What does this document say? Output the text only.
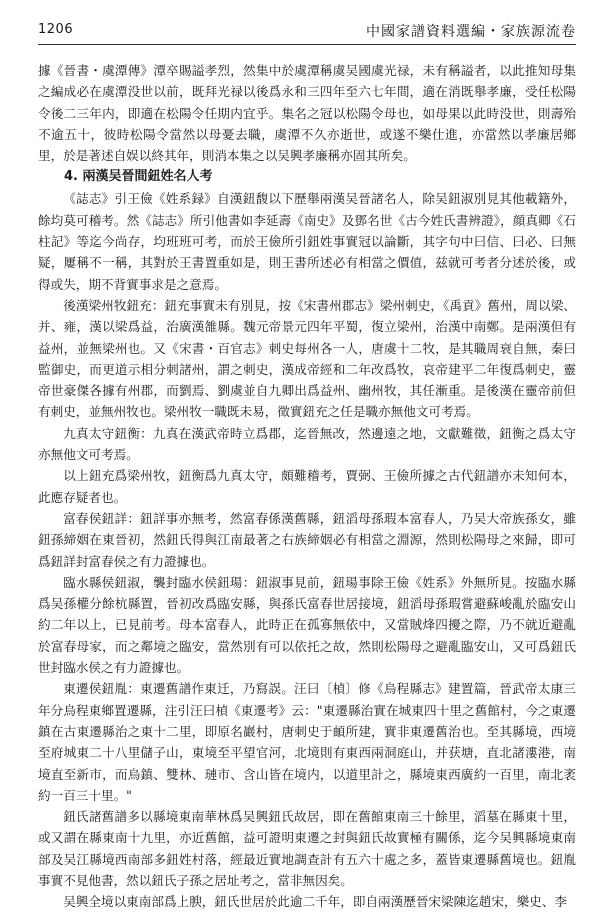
1206	中國家譜資料選編・家族源流卷

據《晉書・虞潭傳》潭卒賜謚孝烈，然集中於虞潭稱虞吴國虞光禄，未有稱謚者，以此推知母集之編成必在虞潭没世以前，既拜光禄以後爲永和三四年至六七年間，適在消既舉孝廉，受任松陽令後二三年内，即適在松陽令任期内宜乎。集名之冠以松陽令母也，如母果以此時没世，則壽殆不逾五十，彼時松陽令當然以母憂去職，虞潭不久亦逝世，或遂不樂仕進，亦當然以孝廉居鄉里，於是著述自娱以終其年，則消本集之以吴興孝廉稱亦固其所矣。

4. 兩漢吴晉間鈕姓名人考

《誌志》引王儉《姓系録》自漢鈕馥以下歷舉兩漢吴晉諸名人，除吴鈕淑別見其他載籍外，餘均莫可稽考。然《誌志》所引他書如李延壽《南史》及鄧名世《古今姓氏書辨證》，顔真卿《石柱記》等迄今尚存，均班班可考，而於王儉所引鈕姓事實冠以論斷，其字句中曰信、曰必、曰無疑，屢稱不一稱，其對於王書置重如是，則王書所述必有相當之價值，兹就可考者分述於後，或得或失，期不背實事求是之意焉。

後漢梁州牧鈕充：鈕充事實未有別見，按《宋書州郡志》梁州刺史，《禹貢》舊州，周以梁、并、雍，漢以梁爲益，治廣漢雒縣。魏元帝景元四年平蜀，復立梁州，治漢中南鄭。是兩漢但有益州，並無梁州也。又《宋書・百官志》刺史每州各一人，唐虞十二牧，是其職周衰自無，秦曰監御史，而更道示相分刺諸州，謂之刺史，漢成帝經和二年改爲牧，哀帝建平二年復爲刺史，靈帝世豪傑各據有州郡，而劉焉、劉虞並自九卿出爲益州、幽州牧，其任漸重。是後漢在靈帝前但有刺史，並無州牧也。梁州牧一職既未易，徵實鈕充之任是職亦無他文可考焉。

九真太守鈕衡：九真在漢武帝時立爲郡，迄晉無改，然邊遠之地，文獻難徵，鈕衡之爲太守亦無他文可考焉。

以上鈕充爲梁州牧，鈕衡爲九真太守，頗難稽考，賈弼、王儉所據之古代鈕譜亦未知何本，此應存疑者也。

富春侯鈕詳：鈕詳事亦無考，然富春係漢舊縣，鈕滔母孫瑕本富春人，乃吴大帝族孫女，雖鈕孫締姻在東晉初，然鈕氏得與江南最著之右族締姻必有相當之淵源，然則松陽母之來歸，即可爲鈕詳封富春侯之有力證據也。

臨水縣侯鈕淑，襲封臨水侯鈕瑒：鈕淑事見前，鈕瑒事除王儉《姓系》外無所見。按臨水縣爲吴孫權分餘杭縣置，晉初改爲臨安縣，與孫氏富春世居接境，鈕滔母孫瑕嘗避蘇峻亂於臨安山約二年以上，已見前考。母本富春人，此時正在孤寡無依中，又當賊烽四擾之際，乃不就近避亂於富春母家，而之鄰境之臨安，當然別有可以依托之故，然則松陽母之避亂臨安山，又可爲鈕氏世封臨水侯之有力證據也。

東遷侯鈕胤：東遷舊譜作東迁，乃寫誤。汪曰〔楨〕修《烏程縣志》建置篇，晉武帝太康三年分烏程東鄉置遷縣，注引汪曰楨《東遷考》云："東遷縣治實在城東四十里之舊館村，今之東遷鎮在古東遷縣治之東十二里，即原名巖村，唐刺史于頔所建，實非東遷舊治也。至其縣境，西境至府城東二十八里儲子山，東境至平望官河，北境則有東西兩洞庭山，并获塘，直北諸漊港，南境直至新市，而烏鎮、雙林、璉市、含山皆在境内，以道里計之，縣境東西廣約一百里，南北袤約一百三十里。"

鈕氏諸舊譜多以縣境東南華林爲吴興鈕氏故居，即在舊館東南三十餘里，滔墓在縣東十里，或又謂在縣東南十九里，亦近舊館，益可證明東遷之封與鈕氏故實極有關係，迄今吴興縣境東南部及吴江縣境西南部多鈕姓村落，經最近實地調查計有五六十處之多，蓋皆東遷縣舊境也。鈕胤事實不見他書，然以鈕氏子孫之居址考之，當非無因矣。

吴興全境以東南部爲上腴，鈕氏世居於此逾二千年，即自兩漢歷晉宋梁陳迄趙宋，樂史、李
